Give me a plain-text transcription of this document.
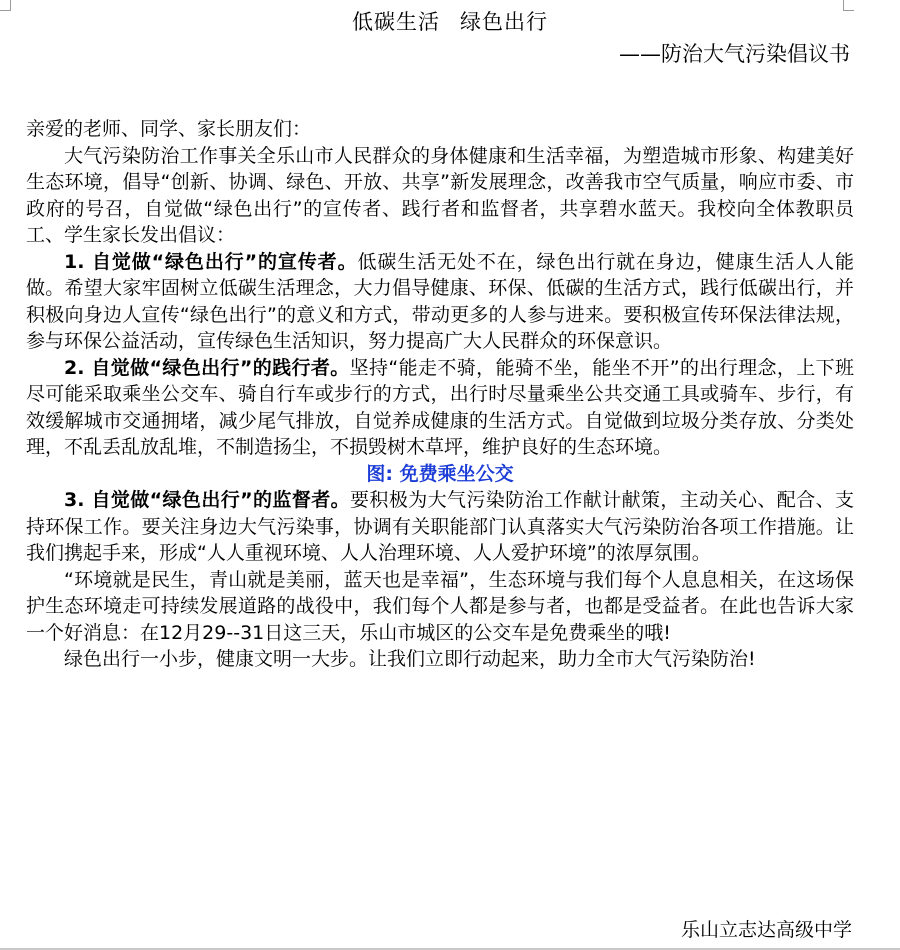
低碳生活 绿色出行
——防治大气污染倡议书

亲爱的老师、同学、家长朋友们：

大气污染防治工作事关全乐山市人民群众的身体健康和生活幸福，为塑造城市形象、构建美好生态环境，倡导“创新、协调、绿色、开放、共享”新发展理念，改善我市空气质量，响应市委、市政府的号召，自觉做“绿色出行”的宣传者、践行者和监督者，共享碧水蓝天。我校向全体教职员工、学生家长发出倡议：

1. 自觉做“绿色出行”的宣传者。低碳生活无处不在，绿色出行就在身边，健康生活人人能做。希望大家牢固树立低碳生活理念，大力倡导健康、环保、低碳的生活方式，践行低碳出行，并积极向身边人宣传“绿色出行”的意义和方式，带动更多的人参与进来。要积极宣传环保法律法规，参与环保公益活动，宣传绿色生活知识，努力提高广大人民群众的环保意识。

2. 自觉做“绿色出行”的践行者。坚持“能走不骑，能骑不坐，能坐不开”的出行理念，上下班尽可能采取乘坐公交车、骑自行车或步行的方式，出行时尽量乘坐公共交通工具或骑车、步行，有效缓解城市交通拥堵，减少尾气排放，自觉养成健康的生活方式。自觉做到垃圾分类存放、分类处理，不乱丢乱放乱堆，不制造扬尘，不损毁树木草坪，维护良好的生态环境。

图: 免费乘坐公交

3. 自觉做“绿色出行”的监督者。要积极为大气污染防治工作献计献策，主动关心、配合、支持环保工作。要关注身边大气污染事，协调有关职能部门认真落实大气污染防治各项工作措施。让我们携起手来，形成“人人重视环境、人人治理环境、人人爱护环境”的浓厚氛围。

“环境就是民生，青山就是美丽，蓝天也是幸福”，生态环境与我们每个人息息相关，在这场保护生态环境走可持续发展道路的战役中，我们每个人都是参与者，也都是受益者。在此也告诉大家一个好消息：在12月29--31日这三天，乐山市城区的公交车是免费乘坐的哦!

绿色出行一小步，健康文明一大步。让我们立即行动起来，助力全市大气污染防治!

乐山立志达高级中学
